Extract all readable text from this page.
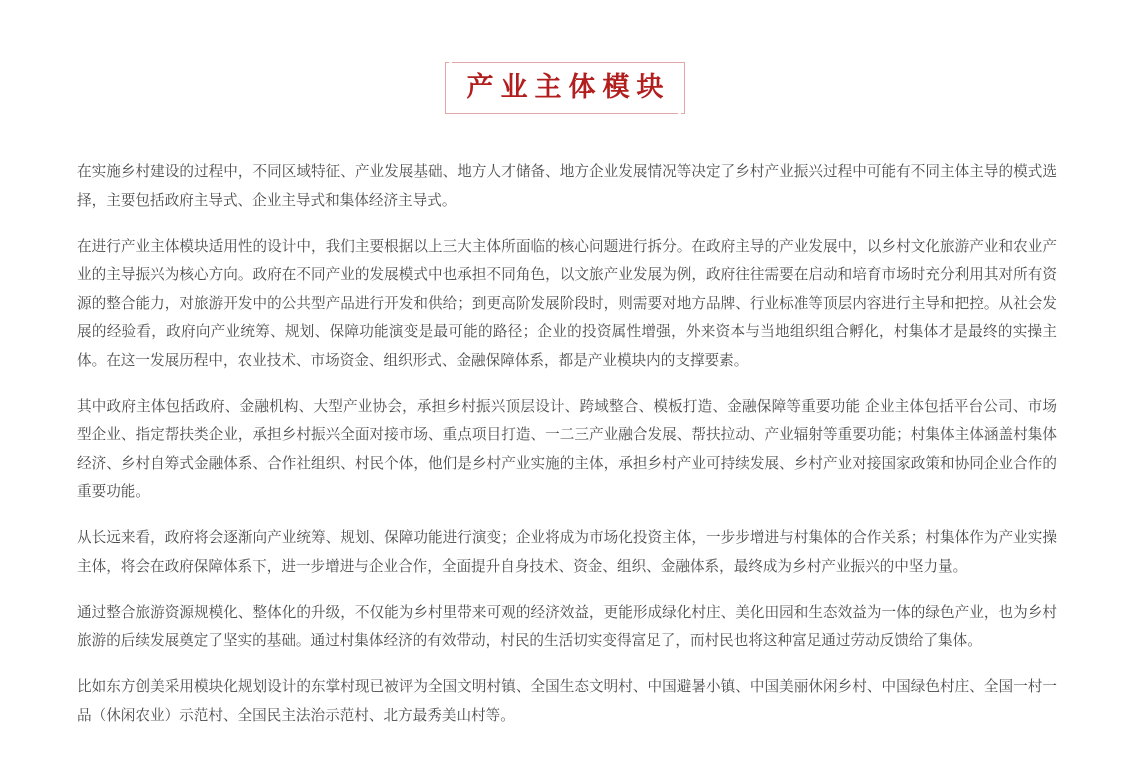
产业主体模块

在实施乡村建设的过程中，不同区域特征、产业发展基础、地方人才储备、地方企业发展情况等决定了乡村产业振兴过程中可能有不同主体主导的模式选择，主要包括政府主导式、企业主导式和集体经济主导式。

在进行产业主体模块适用性的设计中，我们主要根据以上三大主体所面临的核心问题进行拆分。在政府主导的产业发展中，以乡村文化旅游产业和农业产业的主导振兴为核心方向。政府在不同产业的发展模式中也承担不同角色，以文旅产业发展为例，政府往往需要在启动和培育市场时充分利用其对所有资源的整合能力，对旅游开发中的公共型产品进行开发和供给；到更高阶发展阶段时，则需要对地方品牌、行业标准等顶层内容进行主导和把控。从社会发展的经验看，政府向产业统筹、规划、保障功能演变是最可能的路径；企业的投资属性增强，外来资本与当地组织组合孵化，村集体才是最终的实操主体。在这一发展历程中，农业技术、市场资金、组织形式、金融保障体系，都是产业模块内的支撑要素。

其中政府主体包括政府、金融机构、大型产业协会，承担乡村振兴顶层设计、跨域整合、模板打造、金融保障等重要功能 企业主体包括平台公司、市场型企业、指定帮扶类企业，承担乡村振兴全面对接市场、重点项目打造、一二三产业融合发展、帮扶拉动、产业辐射等重要功能；村集体主体涵盖村集体经济、乡村自筹式金融体系、合作社组织、村民个体，他们是乡村产业实施的主体，承担乡村产业可持续发展、乡村产业对接国家政策和协同企业合作的重要功能。

从长远来看，政府将会逐渐向产业统筹、规划、保障功能进行演变；企业将成为市场化投资主体，一步步增进与村集体的合作关系；村集体作为产业实操主体，将会在政府保障体系下，进一步增进与企业合作，全面提升自身技术、资金、组织、金融体系，最终成为乡村产业振兴的中坚力量。

通过整合旅游资源规模化、整体化的升级，不仅能为乡村里带来可观的经济效益，更能形成绿化村庄、美化田园和生态效益为一体的绿色产业，也为乡村旅游的后续发展奠定了坚实的基础。通过村集体经济的有效带动，村民的生活切实变得富足了，而村民也将这种富足通过劳动反馈给了集体。

比如东方创美采用模块化规划设计的东掌村现已被评为全国文明村镇、全国生态文明村、中国避暑小镇、中国美丽休闲乡村、中国绿色村庄、全国一村一品（休闲农业）示范村、全国民主法治示范村、北方最秀美山村等。
